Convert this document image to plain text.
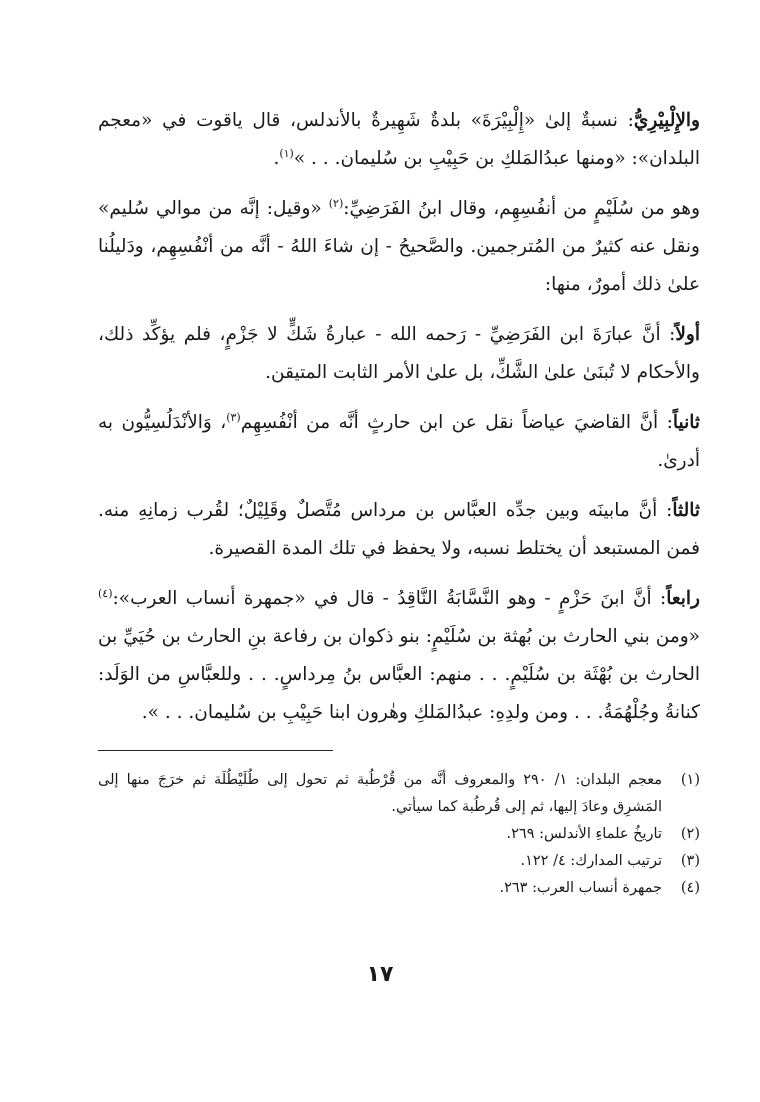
والإِلْبِيْرِيُّ: نسبةٌ إلىٰ «إِلْبِيْرَةَ» بلدةٌ شَهِيرةٌ بالأندلس، قال ياقوت في «معجم البلدان»: «ومنها عبدُالمَلكِ بن حَبِيْبِ بن سُليمان. . . »$^{(١)}$.

وهو من سُلَيْمٍ من أنفُسِهِم، وقال ابنُ الفَرَضِيِّ:$^{(٢)}$ «وقيل: إنَّه من موالي سُليم» ونقل عنه كثيرٌ من المُترجمين. والصَّحيحُ - إن شاءَ اللهُ - أنَّه من أنْفُسِهِم، ودَليلُنا علىٰ ذلك أمورٌ، منها:

أولاً: أنَّ عبارَةَ ابن الفَرَضِيِّ - رَحمه الله - عبارةُ شَكٍّ لا جَزْمٍ، فلم يؤكِّد ذلك، والأحكام لا تُبنَىٰ علىٰ الشَّكِّ، بل علىٰ الأمر الثابت المتيقن.

ثانياً: أنَّ القاضيَ عياضاً نقل عن ابن حارثٍ أنَّه من أنْفُسِهِم$^{(٣)}$، وَالأنْدَلُسِيُّون به أدرىٰ.

ثالثاً: أنَّ مابينَه وبين جدِّه العبَّاس بن مرداس مُتَّصلٌ وقَلِيْلٌ؛ لقُرب زمانِهِ منه. فمن المستبعد أن يختلط نسبه، ولا يحفظ في تلك المدة القصيرة.

رابعاً: أنَّ ابنَ حَزْمٍ - وهو النَّسَّابَةُ النَّاقِدُ - قال في «جمهرة أنساب العرب»:$^{(٤)}$ «ومن بني الحارث بن بُهثة بن سُلَيْمٍ: بنو ذكوان بن رفاعة بنِ الحارث بن حُيَيِّ بن الحارث بن بُهْثَة بن سُلَيْمٍ. . . منهم: العبَّاس بنُ مِرداسٍ. . . وللعبَّاسِ من الوَلَد: كنانةُ وجُلْهُمَةُ. . . ومن ولدِهِ: عبدُالمَلكِ وهٰرون ابنا حَبِيْبِ بن سُليمان. . . ».

(١)
معجم البلدان: ١/ ٢٩٠ والمعروف أنَّه من قُرْطُبة ثم تحول إلى طُلَيْطُلَة ثم خرَجَ منها إلى المَشرِق وعادَ إليها، ثم إلى قُرطُبة كما سيأتي.
(٢)
تاريخُ علماءِ الأندلس: ٢٦٩.
(٣)
ترتيب المدارك: ٤/ ١٢٢.
(٤)
جمهرة أنساب العرب: ٢٦٣.
١٧
